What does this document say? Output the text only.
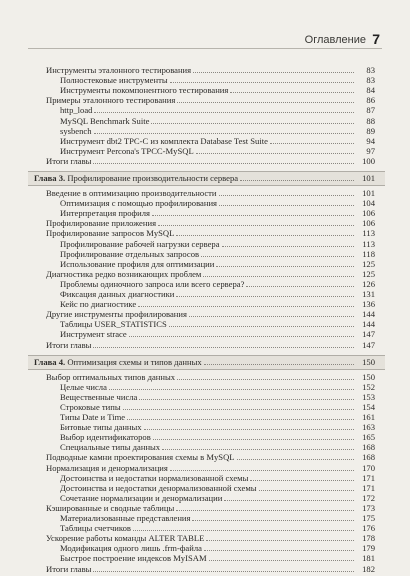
Оглавление 7
Инструменты эталонного тестирования	83
Полностековые инструменты	83
Инструменты покомпонентного тестирования	84
Примеры эталонного тестирования	86
http_load	87
MySQL Benchmark Suite	88
sysbench	89
Инструмент dbt2 TPC-C из комплекта Database Test Suite	94
Инструмент Percona's TPCC-MySQL	97
Итоги главы	100
Глава 3. Профилирование производительности сервера	101
Введение в оптимизацию производительности	101
Оптимизация с помощью профилирования	104
Интерпретация профиля	106
Профилирование приложения	106
Профилирование запросов MySQL	113
Профилирование рабочей нагрузки сервера	113
Профилирование отдельных запросов	118
Использование профиля для оптимизации	125
Диагностика редко возникающих проблем	125
Проблемы одиночного запроса или всего сервера?	126
Фиксация данных диагностики	131
Кейс по диагностике	136
Другие инструменты профилирования	144
Таблицы USER_STATISTICS	144
Инструмент strace	147
Итоги главы	147
Глава 4. Оптимизация схемы и типов данных	150
Выбор оптимальных типов данных	150
Целые числа	152
Вещественные числа	153
Строковые типы	154
Типы Date и Time	161
Битовые типы данных	163
Выбор идентификаторов	165
Специальные типы данных	168
Подводные камни проектирования схемы в MySQL	168
Нормализация и денормализация	170
Достоинства и недостатки нормализованной схемы	171
Достоинства и недостатки денормализованной схемы	171
Сочетание нормализации и денормализации	172
Кэшированные и сводные таблицы	173
Материализованные представления	175
Таблицы счетчиков	176
Ускорение работы команды ALTER TABLE	178
Модификация одного лишь .frm-файла	179
Быстрое построение индексов MyISAM	181
Итоги главы	182
